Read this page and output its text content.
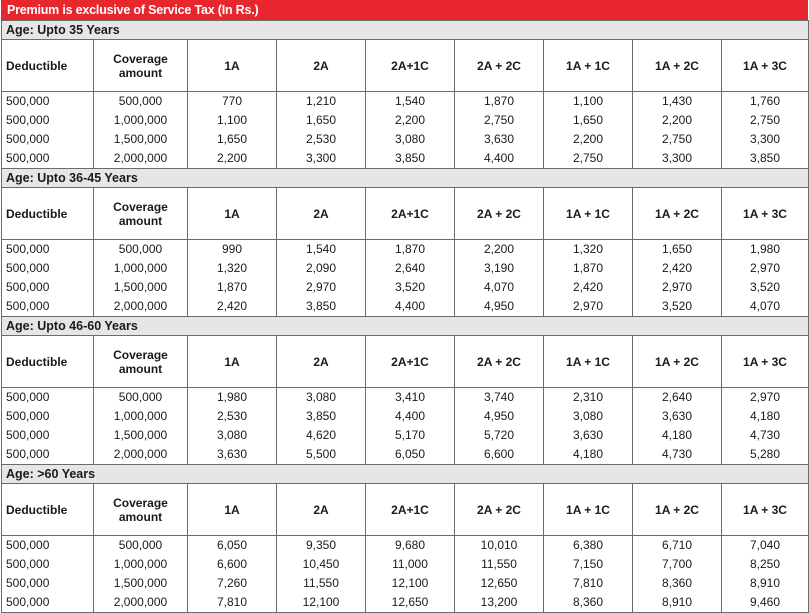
Premium is exclusive of Service Tax (In Rs.)
Age: Upto 35 Years								
Deductible	Coverage amount	1A	2A	2A+1C	2A + 2C	1A + 1C	1A + 2C	1A + 3C
500,000	500,000	770	1,210	1,540	1,870	1,100	1,430	1,760
500,000	1,000,000	1,100	1,650	2,200	2,750	1,650	2,200	2,750
500,000	1,500,000	1,650	2,530	3,080	3,630	2,200	2,750	3,300
500,000	2,000,000	2,200	3,300	3,850	4,400	2,750	3,300	3,850
Age: Upto 36-45 Years								
Deductible	Coverage amount	1A	2A	2A+1C	2A + 2C	1A + 1C	1A + 2C	1A + 3C
500,000	500,000	990	1,540	1,870	2,200	1,320	1,650	1,980
500,000	1,000,000	1,320	2,090	2,640	3,190	1,870	2,420	2,970
500,000	1,500,000	1,870	2,970	3,520	4,070	2,420	2,970	3,520
500,000	2,000,000	2,420	3,850	4,400	4,950	2,970	3,520	4,070
Age: Upto 46-60 Years								
Deductible	Coverage amount	1A	2A	2A+1C	2A + 2C	1A + 1C	1A + 2C	1A + 3C
500,000	500,000	1,980	3,080	3,410	3,740	2,310	2,640	2,970
500,000	1,000,000	2,530	3,850	4,400	4,950	3,080	3,630	4,180
500,000	1,500,000	3,080	4,620	5,170	5,720	3,630	4,180	4,730
500,000	2,000,000	3,630	5,500	6,050	6,600	4,180	4,730	5,280
Age: >60 Years								
Deductible	Coverage amount	1A	2A	2A+1C	2A + 2C	1A + 1C	1A + 2C	1A + 3C
500,000	500,000	6,050	9,350	9,680	10,010	6,380	6,710	7,040
500,000	1,000,000	6,600	10,450	11,000	11,550	7,150	7,700	8,250
500,000	1,500,000	7,260	11,550	12,100	12,650	7,810	8,360	8,910
500,000	2,000,000	7,810	12,100	12,650	13,200	8,360	8,910	9,460
